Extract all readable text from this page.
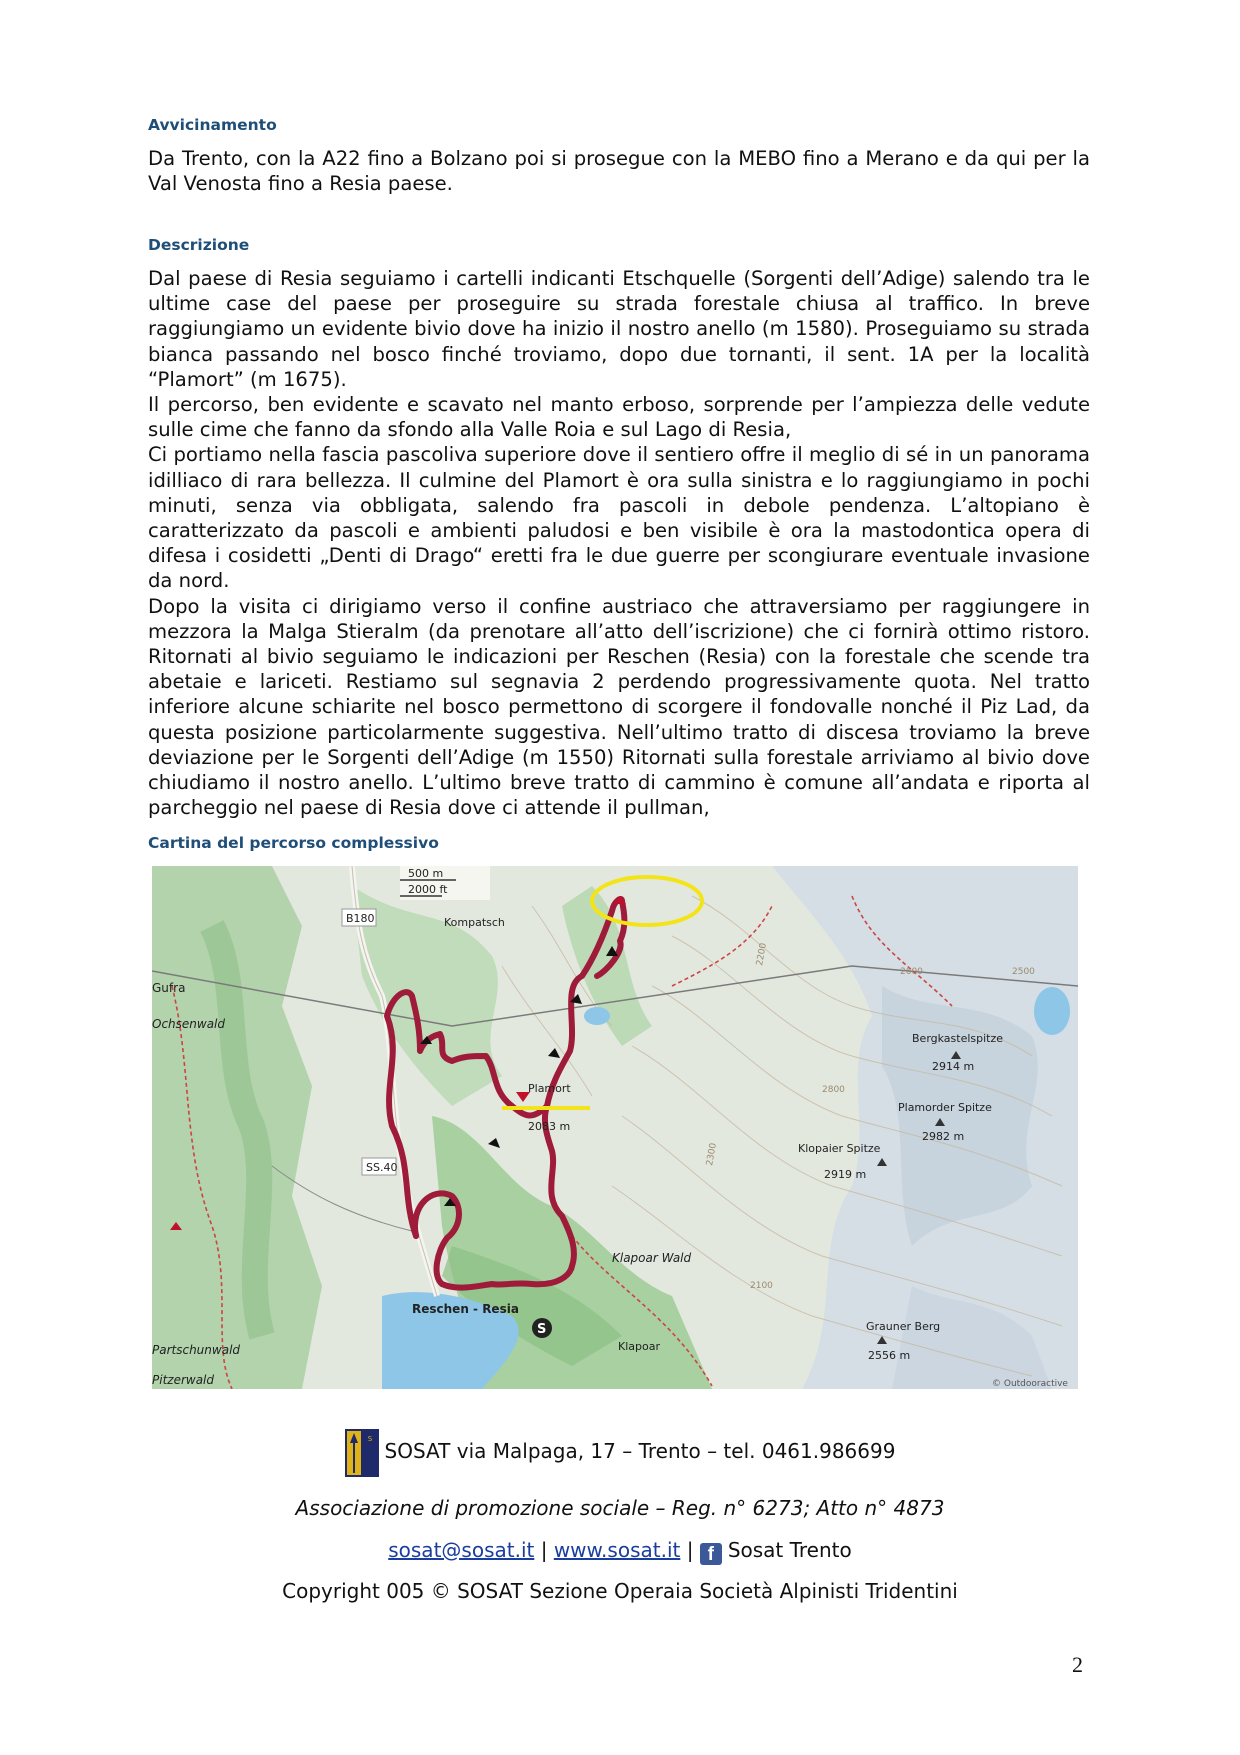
Avvicinamento

Da Trento, con la A22 fino a Bolzano poi si prosegue con la MEBO fino a Merano e da qui per la Val Venosta fino a Resia paese.

Descrizione

Dal paese di Resia seguiamo i cartelli indicanti Etschquelle (Sorgenti dell’Adige) salendo tra le ultime case del paese per proseguire su strada forestale chiusa al traffico. In breve raggiungiamo un evidente bivio dove ha inizio il nostro anello (m 1580). Proseguiamo su strada bianca passando nel bosco finché troviamo, dopo due tornanti, il sent. 1A per la località “Plamort” (m 1675).

Il percorso, ben evidente e scavato nel manto erboso, sorprende per l’ampiezza delle vedute sulle cime che fanno da sfondo alla Valle Roia e sul Lago di Resia,

Ci portiamo nella fascia pascoliva superiore dove il sentiero offre il meglio di sé in un panorama idilliaco di rara bellezza. Il culmine del Plamort è ora sulla sinistra e lo raggiungiamo in pochi minuti, senza via obbligata, salendo fra pascoli in debole pendenza. L’altopiano è caratterizzato da pascoli e ambienti paludosi e ben visibile è ora la mastodontica opera di difesa i cosidetti „Denti di Drago“ eretti fra le due guerre per scongiurare eventuale invasione da nord.

Dopo la visita ci dirigiamo verso il confine austriaco che attraversiamo per raggiungere in mezzora la Malga Stieralm (da prenotare all’atto dell’iscrizione) che ci fornirà ottimo ristoro. Ritornati al bivio seguiamo le indicazioni per Reschen (Resia) con la forestale che scende tra abetaie e lariceti. Restiamo sul segnavia 2 perdendo progressivamente quota. Nel tratto inferiore alcune schiarite nel bosco permettono di scorgere il fondovalle nonché il Piz Lad, da questa posizione particolarmente suggestiva. Nell’ultimo tratto di discesa troviamo la breve deviazione per le Sorgenti dell’Adige (m 1550) Ritornati sulla forestale arriviamo al bivio dove chiudiamo il nostro anello. L’ultimo breve tratto di cammino è comune all’andata e riporta al parcheggio nel paese di Resia dove ci attende il pullman,

Cartina del percorso complessivo
500 m
2000 ft
B180
SS.40
Kompatsch
Gufra
Ochsenwald
Plamort
2083 m
Reschen - Resia
Klapoar Wald
Klapoar
Partschunwald
Pitzerwald
Bergkastelspitze
2914 m
Plamorder Spitze
2982 m
Klopaier Spitze
2919 m
Grauner Berg
2556 m
2600	2500
2800
2100
2200
2300
S
© Outdooractive
S
SOSAT via Malpaga, 17 – Trento – tel. 0461.986699
Associazione di promozione sociale – Reg. n° 6273; Atto n° 4873
sosat@sosat.it | www.sosat.it | f Sosat Trento
Copyright 005 © SOSAT Sezione Operaia Società Alpinisti Tridentini
2
